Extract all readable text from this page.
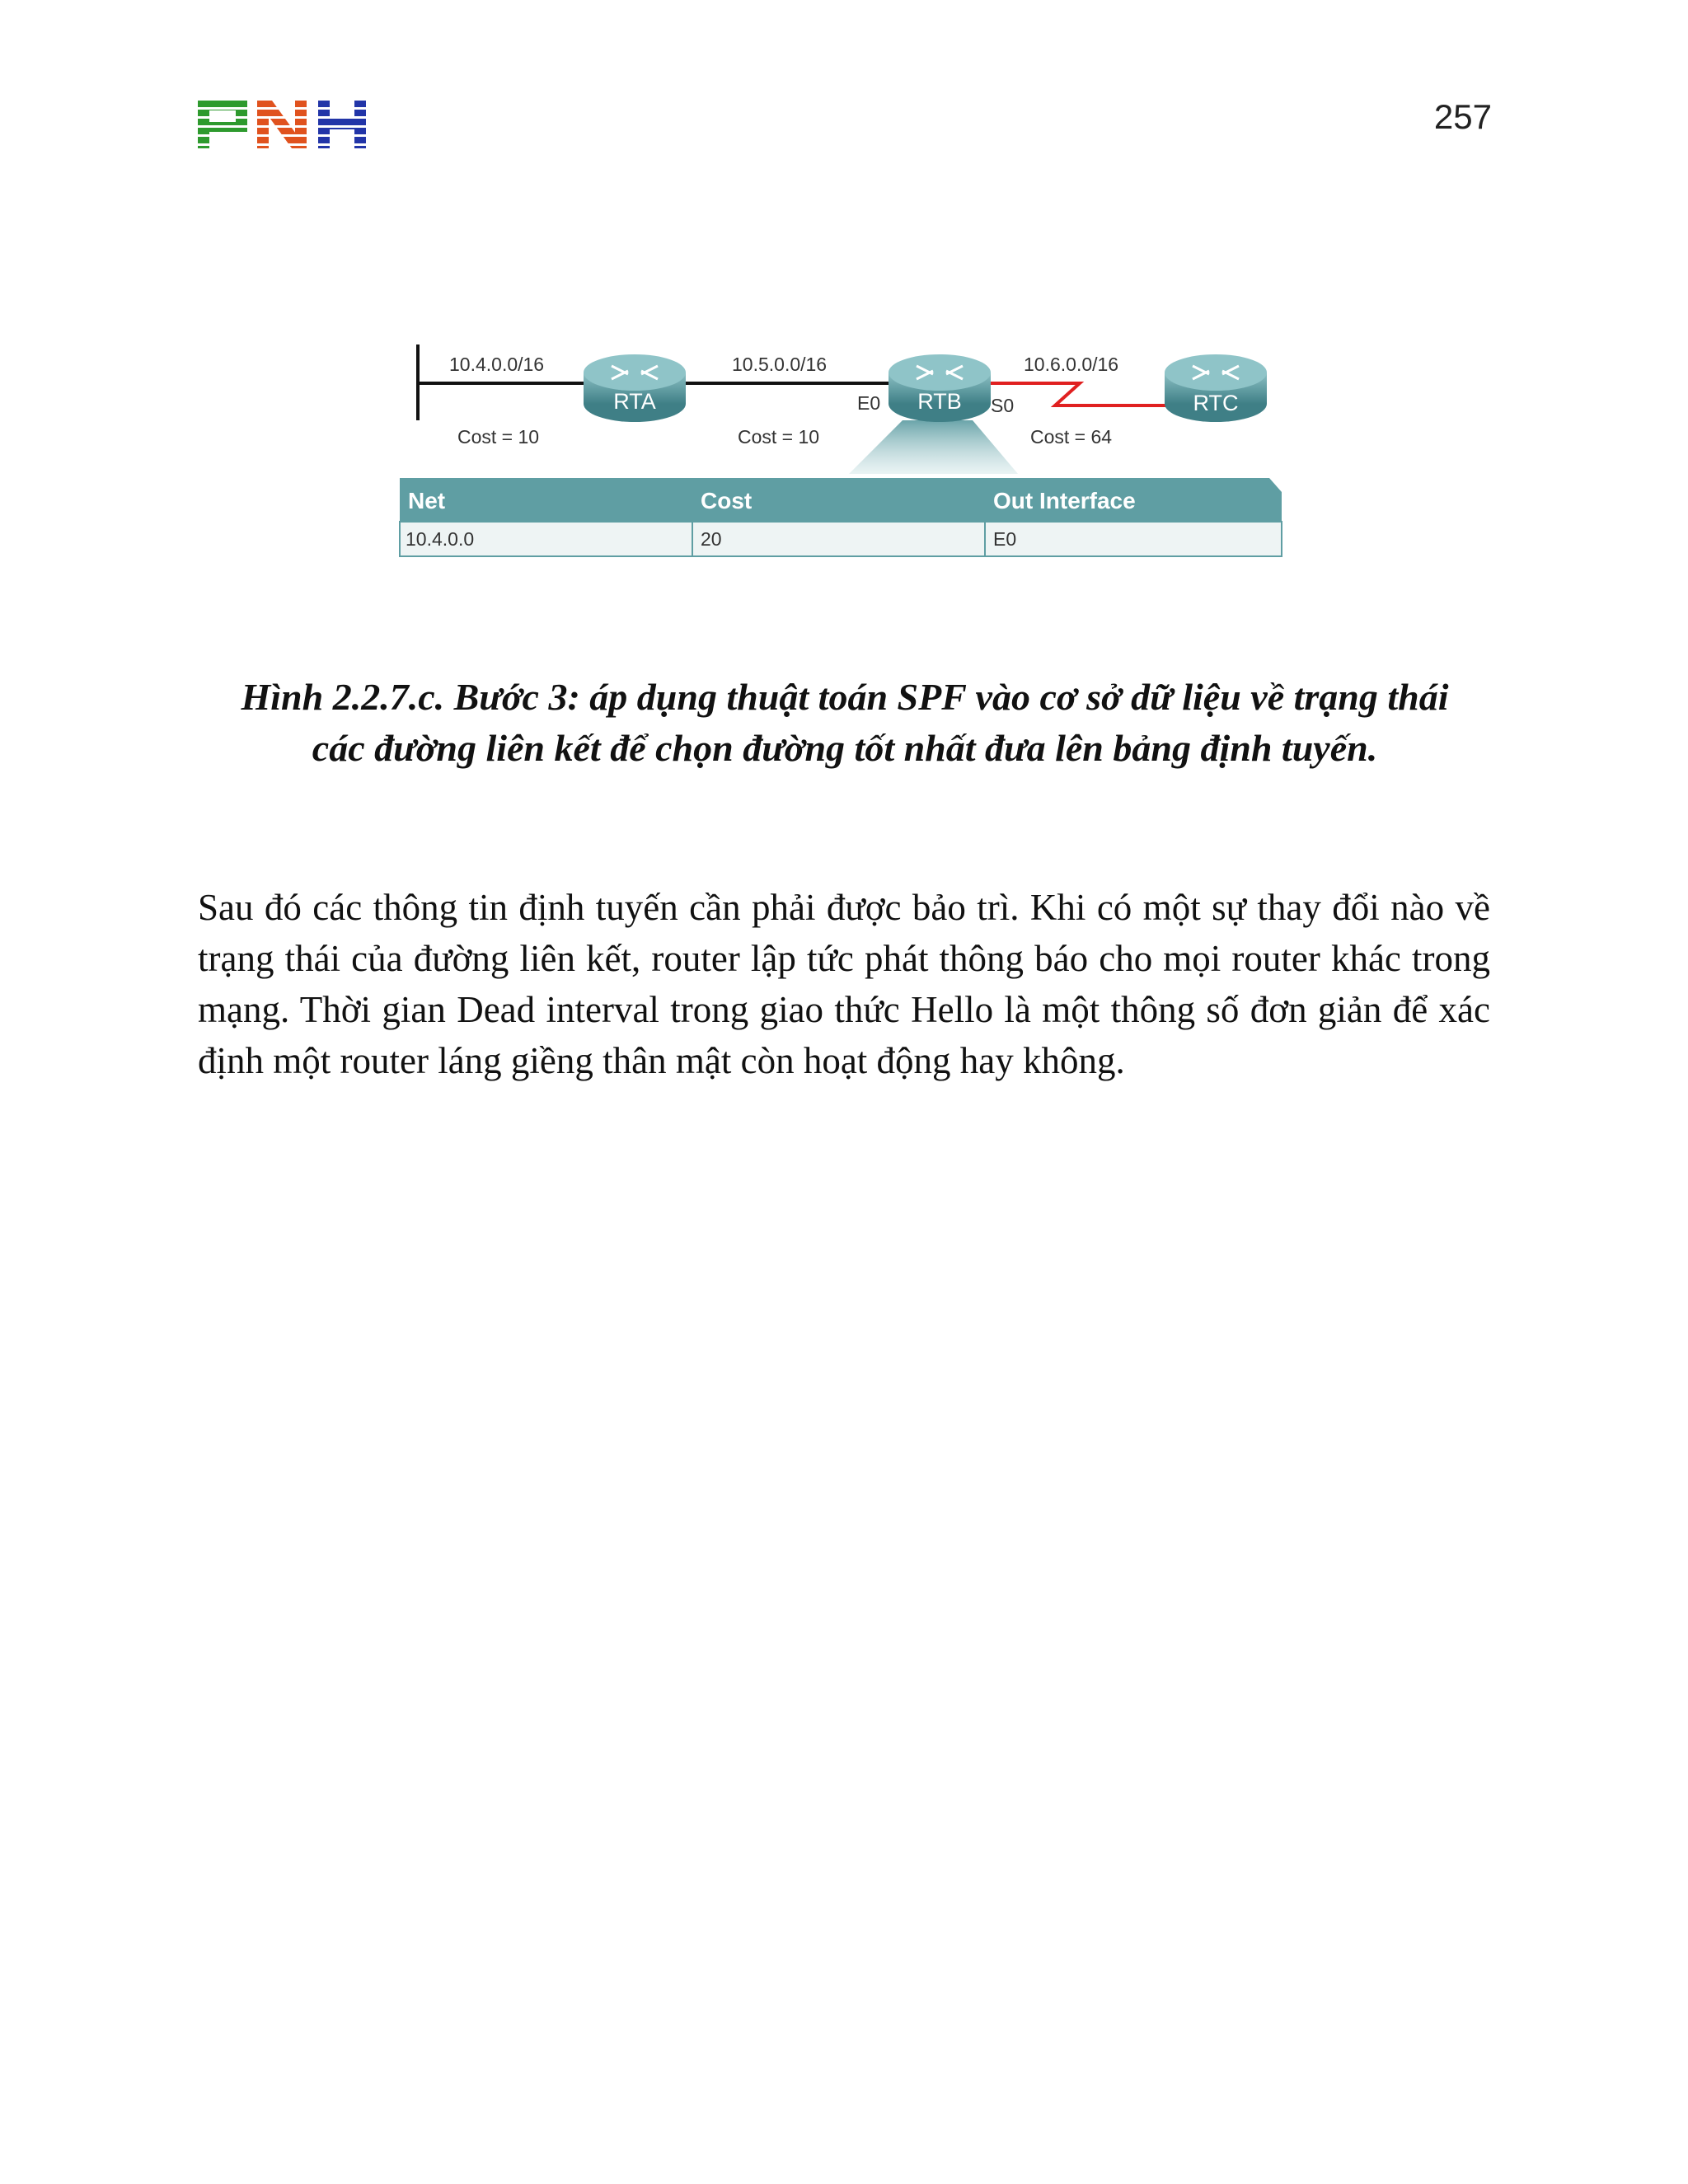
257
RTA	RTB	RTC
10.4.0.0/16	10.5.0.0/16	10.6.0.0/16
Cost = 10	Cost = 10	Cost = 64
E0	S0
Net	Cost	Out Interface
10.4.0.0	20	E0
Hình 2.2.7.c. Bước 3: áp dụng thuật toán SPF vào cơ sở dữ liệu về trạng thái
các đường liên kết để chọn đường tốt nhất đưa lên bảng định tuyến.
Sau đó các thông tin định tuyến cần phải được bảo trì. Khi có một sự thay đổi nào về trạng thái của đường liên kết, router lập tức phát thông báo cho mọi router khác trong mạng. Thời gian Dead interval trong giao thức Hello là một thông số đơn giản để xác định một router láng giềng thân mật còn hoạt động hay không.
